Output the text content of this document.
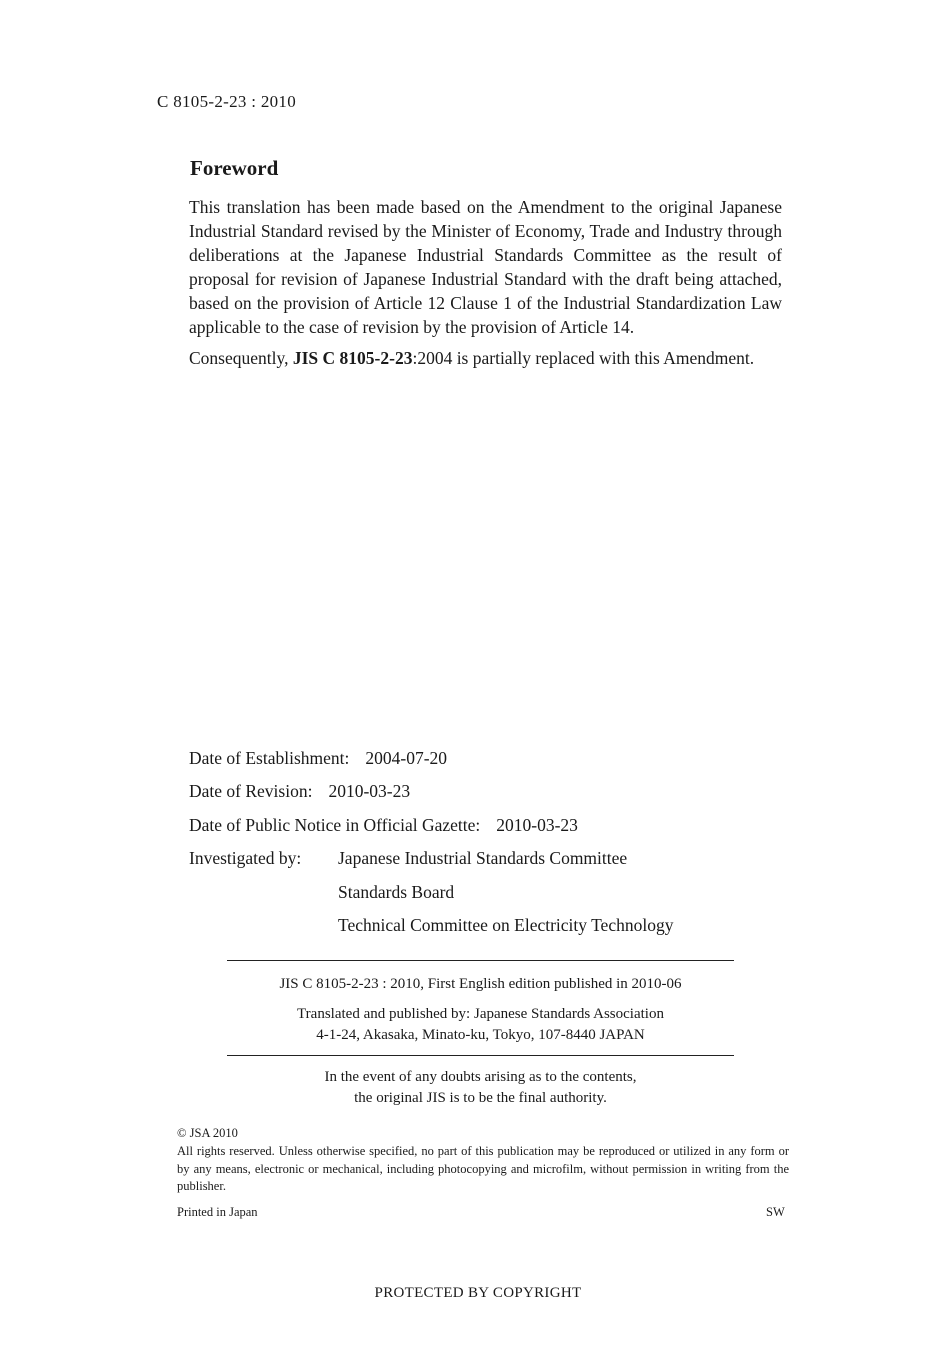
C 8105-2-23 : 2010
Foreword

This translation has been made based on the Amendment to the original Japanese Industrial Standard revised by the Minister of Economy, Trade and Industry through deliberations at the Japanese Industrial Standards Committee as the result of proposal for revision of Japanese Industrial Standard with the draft being attached, based on the provision of Article 12 Clause 1 of the Industrial Standardization Law applicable to the case of revision by the provision of Article 14.

Consequently, JIS C 8105-2-23:2004 is partially replaced with this Amendment.

Date of Establishment: 2004-07-20
Date of Revision: 2010-03-23
Date of Public Notice in Official Gazette: 2010-03-23
Investigated by: Japanese Industrial Standards Committee
Standards Board
Technical Committee on Electricity Technology
JIS C 8105-2-23 : 2010, First English edition published in 2010-06
Translated and published by: Japanese Standards Association
4-1-24, Akasaka, Minato-ku, Tokyo, 107-8440 JAPAN
In the event of any doubts arising as to the contents,
the original JIS is to be the final authority.
© JSA 2010
All rights reserved. Unless otherwise specified, no part of this publication may be reproduced or utilized in any form or by any means, electronic or mechanical, including photocopying and microfilm, without permission in writing from the publisher.
Printed in Japan	SW
PROTECTED BY COPYRIGHT
